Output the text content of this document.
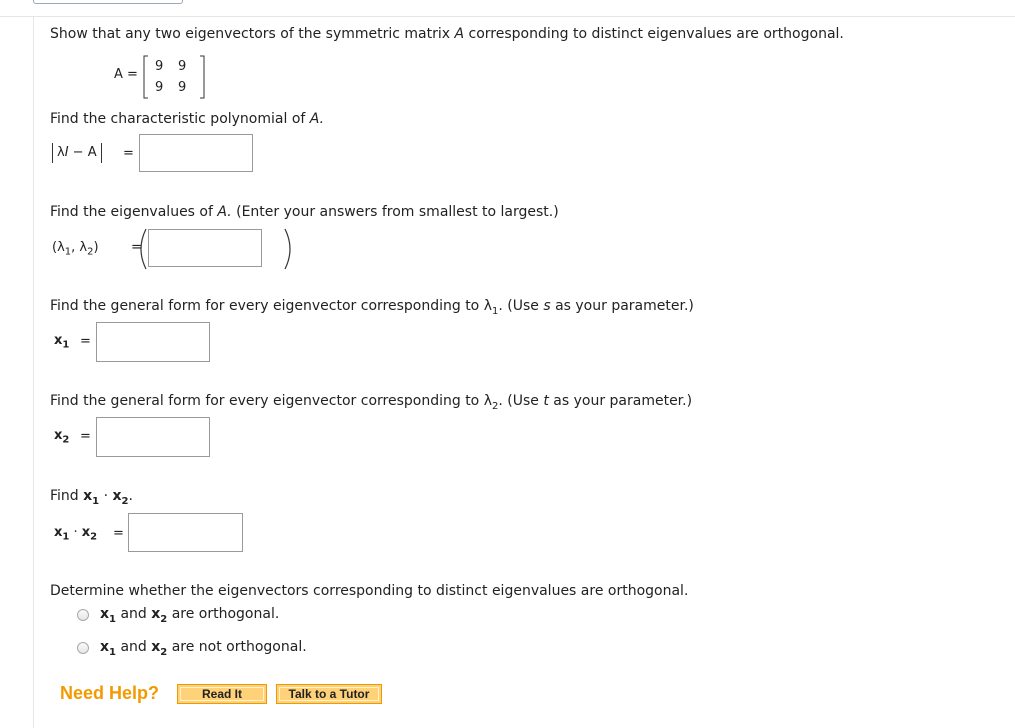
Show that any two eigenvectors of the symmetric matrix A corresponding to distinct eigenvalues are orthogonal.
A =
9 9
9 9
Find the characteristic polynomial of A.
λI − A	=
Find the eigenvalues of A. (Enter your answers from smallest to largest.)
($\lambda_1$, $\lambda_2$) =
Find the general form for every eigenvector corresponding to $\lambda_1$. (Use s as your parameter.)
$x_1$ =
Find the general form for every eigenvector corresponding to $\lambda_2$. (Use t as your parameter.)
$x_2$ =
Find $x_1 \cdot x_2$.
$x_1 \cdot x_2$ =
Determine whether the eigenvectors corresponding to distinct eigenvalues are orthogonal.
$x_1$ and $x_2$ are orthogonal.
$x_1$ and $x_2$ are not orthogonal.
Need Help?	Read It	Talk to a Tutor
